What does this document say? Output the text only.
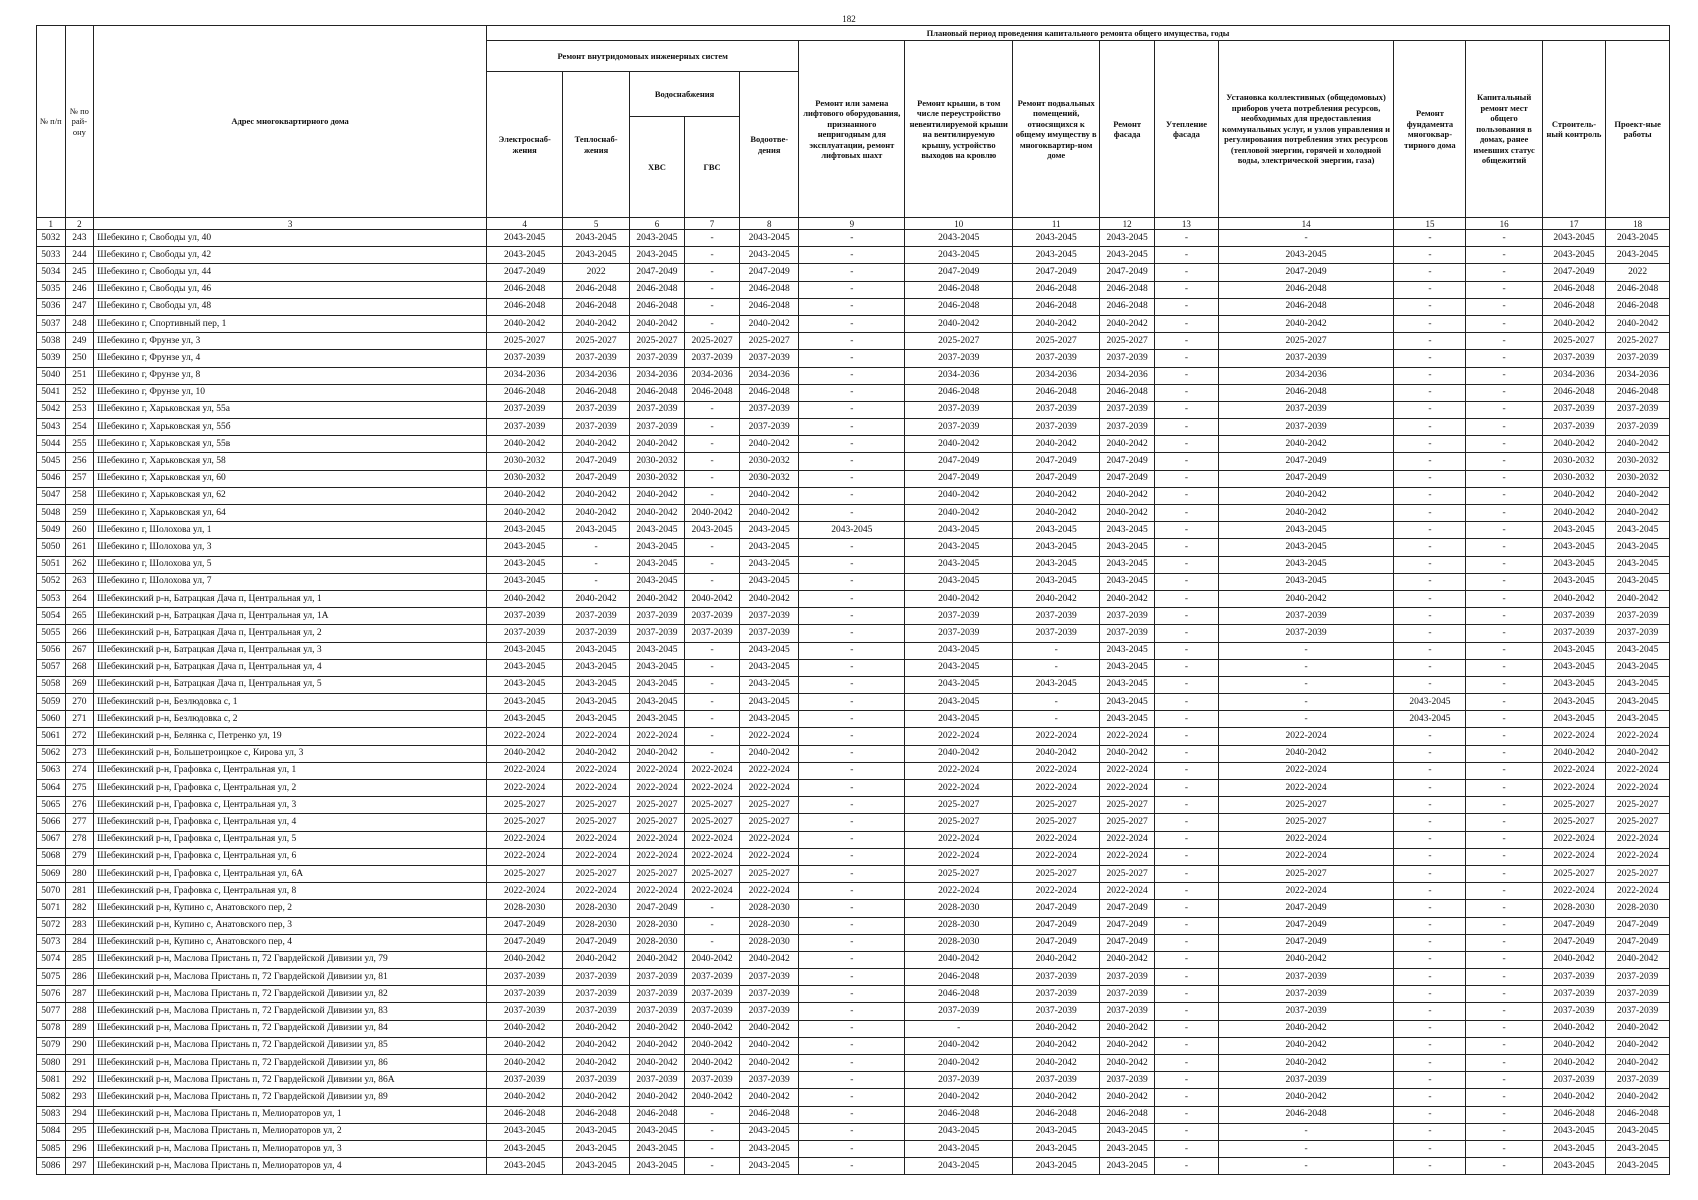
182
№ п/п	№ по рай-ону	Адрес многоквартирного дома	Плановый период проведения капитального ремонта общего имущества, годы														
			Ремонт внутридомовых инженерных систем					Ремонт или замена лифтового оборудования, признанного непригодным для эксплуатации, ремонт лифтовых шахт	Ремонт крыши, в том числе переустройство невентилируемой крыши на вентилируемую крышу, устройство выходов на кровлю	Ремонт подвальных помещений, относящихся к общему имуществу в многоквартир-ном доме	Ремонт фасада	Утепление фасада	Установка коллективных (общедомовых) приборов учета потребления ресурсов, необходимых для предоставления коммунальных услуг, и узлов управления и регулирования потребления этих ресурсов (тепловой энергии, горячей и холодной воды, электрической энергии, газа)	Ремонт фундамента многоквар-тирного дома	Капитальный ремонт мест общего пользования в домах, ранее имевших статус общежитий	Строитель-ный контроль	Проект-ные работы
			Электроснаб-жения	Теплоснаб-жения	Водоснабжения		Водоотве-дения										
					ХВС	ГВС											
1	2	3	4	5	6	7	8	9	10	11	12	13	14	15	16	17	18
5032	243	Шебекино г, Свободы ул, 40	2043-2045	2043-2045	2043-2045	-	2043-2045	-	2043-2045	2043-2045	2043-2045	-	-	-	-	2043-2045	2043-2045
5033	244	Шебекино г, Свободы ул, 42	2043-2045	2043-2045	2043-2045	-	2043-2045	-	2043-2045	2043-2045	2043-2045	-	2043-2045	-	-	2043-2045	2043-2045
5034	245	Шебекино г, Свободы ул, 44	2047-2049	2022	2047-2049	-	2047-2049	-	2047-2049	2047-2049	2047-2049	-	2047-2049	-	-	2047-2049	2022
5035	246	Шебекино г, Свободы ул, 46	2046-2048	2046-2048	2046-2048	-	2046-2048	-	2046-2048	2046-2048	2046-2048	-	2046-2048	-	-	2046-2048	2046-2048
5036	247	Шебекино г, Свободы ул, 48	2046-2048	2046-2048	2046-2048	-	2046-2048	-	2046-2048	2046-2048	2046-2048	-	2046-2048	-	-	2046-2048	2046-2048
5037	248	Шебекино г, Спортивный пер, 1	2040-2042	2040-2042	2040-2042	-	2040-2042	-	2040-2042	2040-2042	2040-2042	-	2040-2042	-	-	2040-2042	2040-2042
5038	249	Шебекино г, Фрунзе ул, 3	2025-2027	2025-2027	2025-2027	2025-2027	2025-2027	-	2025-2027	2025-2027	2025-2027	-	2025-2027	-	-	2025-2027	2025-2027
5039	250	Шебекино г, Фрунзе ул, 4	2037-2039	2037-2039	2037-2039	2037-2039	2037-2039	-	2037-2039	2037-2039	2037-2039	-	2037-2039	-	-	2037-2039	2037-2039
5040	251	Шебекино г, Фрунзе ул, 8	2034-2036	2034-2036	2034-2036	2034-2036	2034-2036	-	2034-2036	2034-2036	2034-2036	-	2034-2036	-	-	2034-2036	2034-2036
5041	252	Шебекино г, Фрунзе ул, 10	2046-2048	2046-2048	2046-2048	2046-2048	2046-2048	-	2046-2048	2046-2048	2046-2048	-	2046-2048	-	-	2046-2048	2046-2048
5042	253	Шебекино г, Харьковская ул, 55а	2037-2039	2037-2039	2037-2039	-	2037-2039	-	2037-2039	2037-2039	2037-2039	-	2037-2039	-	-	2037-2039	2037-2039
5043	254	Шебекино г, Харьковская ул, 55б	2037-2039	2037-2039	2037-2039	-	2037-2039	-	2037-2039	2037-2039	2037-2039	-	2037-2039	-	-	2037-2039	2037-2039
5044	255	Шебекино г, Харьковская ул, 55в	2040-2042	2040-2042	2040-2042	-	2040-2042	-	2040-2042	2040-2042	2040-2042	-	2040-2042	-	-	2040-2042	2040-2042
5045	256	Шебекино г, Харьковская ул, 58	2030-2032	2047-2049	2030-2032	-	2030-2032	-	2047-2049	2047-2049	2047-2049	-	2047-2049	-	-	2030-2032	2030-2032
5046	257	Шебекино г, Харьковская ул, 60	2030-2032	2047-2049	2030-2032	-	2030-2032	-	2047-2049	2047-2049	2047-2049	-	2047-2049	-	-	2030-2032	2030-2032
5047	258	Шебекино г, Харьковская ул, 62	2040-2042	2040-2042	2040-2042	-	2040-2042	-	2040-2042	2040-2042	2040-2042	-	2040-2042	-	-	2040-2042	2040-2042
5048	259	Шебекино г, Харьковская ул, 64	2040-2042	2040-2042	2040-2042	2040-2042	2040-2042	-	2040-2042	2040-2042	2040-2042	-	2040-2042	-	-	2040-2042	2040-2042
5049	260	Шебекино г, Шолохова ул, 1	2043-2045	2043-2045	2043-2045	2043-2045	2043-2045	2043-2045	2043-2045	2043-2045	2043-2045	-	2043-2045	-	-	2043-2045	2043-2045
5050	261	Шебекино г, Шолохова ул, 3	2043-2045	-	2043-2045	-	2043-2045	-	2043-2045	2043-2045	2043-2045	-	2043-2045	-	-	2043-2045	2043-2045
5051	262	Шебекино г, Шолохова ул, 5	2043-2045	-	2043-2045	-	2043-2045	-	2043-2045	2043-2045	2043-2045	-	2043-2045	-	-	2043-2045	2043-2045
5052	263	Шебекино г, Шолохова ул, 7	2043-2045	-	2043-2045	-	2043-2045	-	2043-2045	2043-2045	2043-2045	-	2043-2045	-	-	2043-2045	2043-2045
5053	264	Шебекинский р-н, Батрацкая Дача п, Центральная ул, 1	2040-2042	2040-2042	2040-2042	2040-2042	2040-2042	-	2040-2042	2040-2042	2040-2042	-	2040-2042	-	-	2040-2042	2040-2042
5054	265	Шебекинский р-н, Батрацкая Дача п, Центральная ул, 1А	2037-2039	2037-2039	2037-2039	2037-2039	2037-2039	-	2037-2039	2037-2039	2037-2039	-	2037-2039	-	-	2037-2039	2037-2039
5055	266	Шебекинский р-н, Батрацкая Дача п, Центральная ул, 2	2037-2039	2037-2039	2037-2039	2037-2039	2037-2039	-	2037-2039	2037-2039	2037-2039	-	2037-2039	-	-	2037-2039	2037-2039
5056	267	Шебекинский р-н, Батрацкая Дача п, Центральная ул, 3	2043-2045	2043-2045	2043-2045	-	2043-2045	-	2043-2045	-	2043-2045	-	-	-	-	2043-2045	2043-2045
5057	268	Шебекинский р-н, Батрацкая Дача п, Центральная ул, 4	2043-2045	2043-2045	2043-2045	-	2043-2045	-	2043-2045	-	2043-2045	-	-	-	-	2043-2045	2043-2045
5058	269	Шебекинский р-н, Батрацкая Дача п, Центральная ул, 5	2043-2045	2043-2045	2043-2045	-	2043-2045	-	2043-2045	2043-2045	2043-2045	-	-	-	-	2043-2045	2043-2045
5059	270	Шебекинский р-н, Безлюдовка с, 1	2043-2045	2043-2045	2043-2045	-	2043-2045	-	2043-2045	-	2043-2045	-	-	2043-2045	-	2043-2045	2043-2045
5060	271	Шебекинский р-н, Безлюдовка с, 2	2043-2045	2043-2045	2043-2045	-	2043-2045	-	2043-2045	-	2043-2045	-	-	2043-2045	-	2043-2045	2043-2045
5061	272	Шебекинский р-н, Белянка с, Петренко ул, 19	2022-2024	2022-2024	2022-2024	-	2022-2024	-	2022-2024	2022-2024	2022-2024	-	2022-2024	-	-	2022-2024	2022-2024
5062	273	Шебекинский р-н, Большетроицкое с, Кирова ул, 3	2040-2042	2040-2042	2040-2042	-	2040-2042	-	2040-2042	2040-2042	2040-2042	-	2040-2042	-	-	2040-2042	2040-2042
5063	274	Шебекинский р-н, Графовка с, Центральная ул, 1	2022-2024	2022-2024	2022-2024	2022-2024	2022-2024	-	2022-2024	2022-2024	2022-2024	-	2022-2024	-	-	2022-2024	2022-2024
5064	275	Шебекинский р-н, Графовка с, Центральная ул, 2	2022-2024	2022-2024	2022-2024	2022-2024	2022-2024	-	2022-2024	2022-2024	2022-2024	-	2022-2024	-	-	2022-2024	2022-2024
5065	276	Шебекинский р-н, Графовка с, Центральная ул, 3	2025-2027	2025-2027	2025-2027	2025-2027	2025-2027	-	2025-2027	2025-2027	2025-2027	-	2025-2027	-	-	2025-2027	2025-2027
5066	277	Шебекинский р-н, Графовка с, Центральная ул, 4	2025-2027	2025-2027	2025-2027	2025-2027	2025-2027	-	2025-2027	2025-2027	2025-2027	-	2025-2027	-	-	2025-2027	2025-2027
5067	278	Шебекинский р-н, Графовка с, Центральная ул, 5	2022-2024	2022-2024	2022-2024	2022-2024	2022-2024	-	2022-2024	2022-2024	2022-2024	-	2022-2024	-	-	2022-2024	2022-2024
5068	279	Шебекинский р-н, Графовка с, Центральная ул, 6	2022-2024	2022-2024	2022-2024	2022-2024	2022-2024	-	2022-2024	2022-2024	2022-2024	-	2022-2024	-	-	2022-2024	2022-2024
5069	280	Шебекинский р-н, Графовка с, Центральная ул, 6А	2025-2027	2025-2027	2025-2027	2025-2027	2025-2027	-	2025-2027	2025-2027	2025-2027	-	2025-2027	-	-	2025-2027	2025-2027
5070	281	Шебекинский р-н, Графовка с, Центральная ул, 8	2022-2024	2022-2024	2022-2024	2022-2024	2022-2024	-	2022-2024	2022-2024	2022-2024	-	2022-2024	-	-	2022-2024	2022-2024
5071	282	Шебекинский р-н, Купино с, Анатовского пер, 2	2028-2030	2028-2030	2047-2049	-	2028-2030	-	2028-2030	2047-2049	2047-2049	-	2047-2049	-	-	2028-2030	2028-2030
5072	283	Шебекинский р-н, Купино с, Анатовского пер, 3	2047-2049	2028-2030	2028-2030	-	2028-2030	-	2028-2030	2047-2049	2047-2049	-	2047-2049	-	-	2047-2049	2047-2049
5073	284	Шебекинский р-н, Купино с, Анатовского пер, 4	2047-2049	2047-2049	2028-2030	-	2028-2030	-	2028-2030	2047-2049	2047-2049	-	2047-2049	-	-	2047-2049	2047-2049
5074	285	Шебекинский р-н, Маслова Пристань п, 72 Гвардейской Дивизии ул, 79	2040-2042	2040-2042	2040-2042	2040-2042	2040-2042	-	2040-2042	2040-2042	2040-2042	-	2040-2042	-	-	2040-2042	2040-2042
5075	286	Шебекинский р-н, Маслова Пристань п, 72 Гвардейской Дивизии ул, 81	2037-2039	2037-2039	2037-2039	2037-2039	2037-2039	-	2046-2048	2037-2039	2037-2039	-	2037-2039	-	-	2037-2039	2037-2039
5076	287	Шебекинский р-н, Маслова Пристань п, 72 Гвардейской Дивизии ул, 82	2037-2039	2037-2039	2037-2039	2037-2039	2037-2039	-	2046-2048	2037-2039	2037-2039	-	2037-2039	-	-	2037-2039	2037-2039
5077	288	Шебекинский р-н, Маслова Пристань п, 72 Гвардейской Дивизии ул, 83	2037-2039	2037-2039	2037-2039	2037-2039	2037-2039	-	2037-2039	2037-2039	2037-2039	-	2037-2039	-	-	2037-2039	2037-2039
5078	289	Шебекинский р-н, Маслова Пристань п, 72 Гвардейской Дивизии ул, 84	2040-2042	2040-2042	2040-2042	2040-2042	2040-2042	-	-	2040-2042	2040-2042	-	2040-2042	-	-	2040-2042	2040-2042
5079	290	Шебекинский р-н, Маслова Пристань п, 72 Гвардейской Дивизии ул, 85	2040-2042	2040-2042	2040-2042	2040-2042	2040-2042	-	2040-2042	2040-2042	2040-2042	-	2040-2042	-	-	2040-2042	2040-2042
5080	291	Шебекинский р-н, Маслова Пристань п, 72 Гвардейской Дивизии ул, 86	2040-2042	2040-2042	2040-2042	2040-2042	2040-2042	-	2040-2042	2040-2042	2040-2042	-	2040-2042	-	-	2040-2042	2040-2042
5081	292	Шебекинский р-н, Маслова Пристань п, 72 Гвардейской Дивизии ул, 86А	2037-2039	2037-2039	2037-2039	2037-2039	2037-2039	-	2037-2039	2037-2039	2037-2039	-	2037-2039	-	-	2037-2039	2037-2039
5082	293	Шебекинский р-н, Маслова Пристань п, 72 Гвардейской Дивизии ул, 89	2040-2042	2040-2042	2040-2042	2040-2042	2040-2042	-	2040-2042	2040-2042	2040-2042	-	2040-2042	-	-	2040-2042	2040-2042
5083	294	Шебекинский р-н, Маслова Пристань п, Мелиораторов ул, 1	2046-2048	2046-2048	2046-2048	-	2046-2048	-	2046-2048	2046-2048	2046-2048	-	2046-2048	-	-	2046-2048	2046-2048
5084	295	Шебекинский р-н, Маслова Пристань п, Мелиораторов ул, 2	2043-2045	2043-2045	2043-2045	-	2043-2045	-	2043-2045	2043-2045	2043-2045	-	-	-	-	2043-2045	2043-2045
5085	296	Шебекинский р-н, Маслова Пристань п, Мелиораторов ул, 3	2043-2045	2043-2045	2043-2045	-	2043-2045	-	2043-2045	2043-2045	2043-2045	-	-	-	-	2043-2045	2043-2045
5086	297	Шебекинский р-н, Маслова Пристань п, Мелиораторов ул, 4	2043-2045	2043-2045	2043-2045	-	2043-2045	-	2043-2045	2043-2045	2043-2045	-	-	-	-	2043-2045	2043-2045
